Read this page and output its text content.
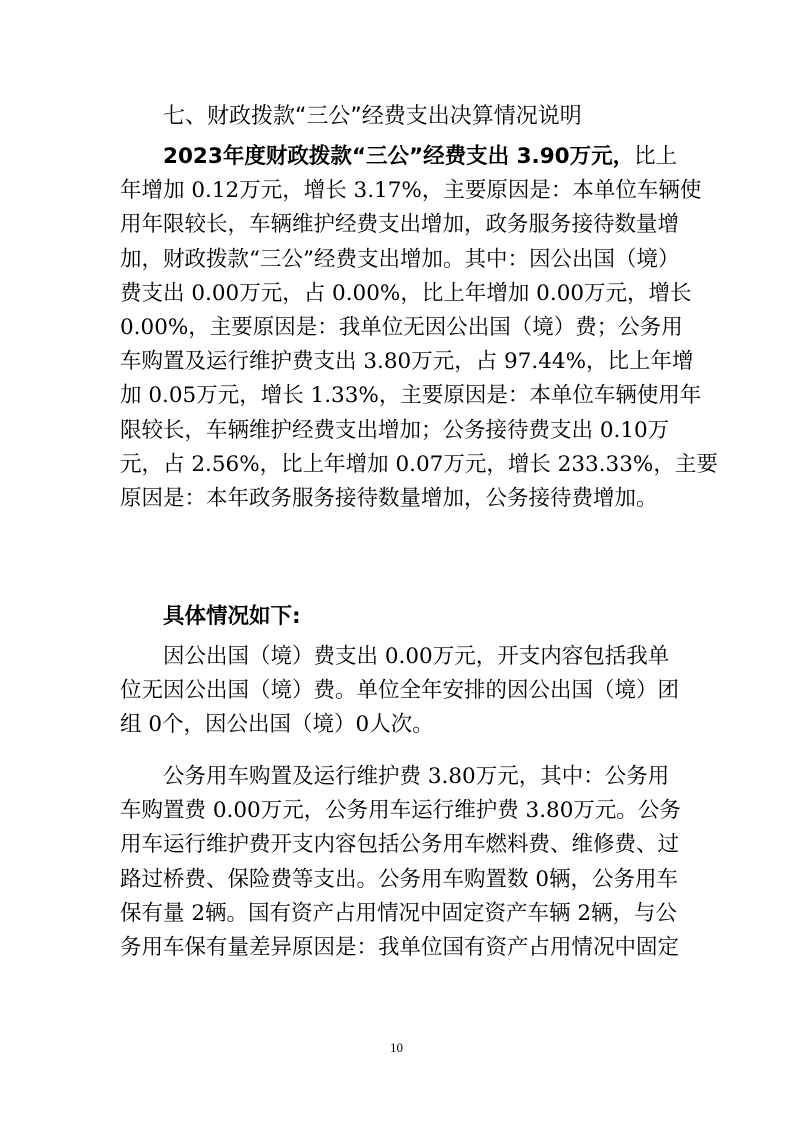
七、财政拨款“三公”经费支出决算情况说明
2023年度财政拨款“三公”经费支出 3.90万元，比上
年增加 0.12万元，增长 3.17%，主要原因是：本单位车辆使
用年限较长，车辆维护经费支出增加，政务服务接待数量增
加，财政拨款“三公”经费支出增加。其中：因公出国（境）
费支出 0.00万元，占 0.00%，比上年增加 0.00万元，增长
0.00%，主要原因是：我单位无因公出国（境）费；公务用
车购置及运行维护费支出 3.80万元，占 97.44%，比上年增
加 0.05万元，增长 1.33%，主要原因是：本单位车辆使用年
限较长，车辆维护经费支出增加；公务接待费支出 0.10万
元，占 2.56%，比上年增加 0.07万元，增长 233.33%，主要
原因是：本年政务服务接待数量增加，公务接待费增加。
具体情况如下:
因公出国（境）费支出 0.00万元，开支内容包括我单
位无因公出国（境）费。单位全年安排的因公出国（境）团
组 0个，因公出国（境）0人次。
公务用车购置及运行维护费 3.80万元，其中：公务用
车购置费 0.00万元，公务用车运行维护费 3.80万元。公务
用车运行维护费开支内容包括公务用车燃料费、维修费、过
路过桥费、保险费等支出。公务用车购置数 0辆，公务用车
保有量 2辆。国有资产占用情况中固定资产车辆 2辆，与公
务用车保有量差异原因是：我单位国有资产占用情况中固定
10
